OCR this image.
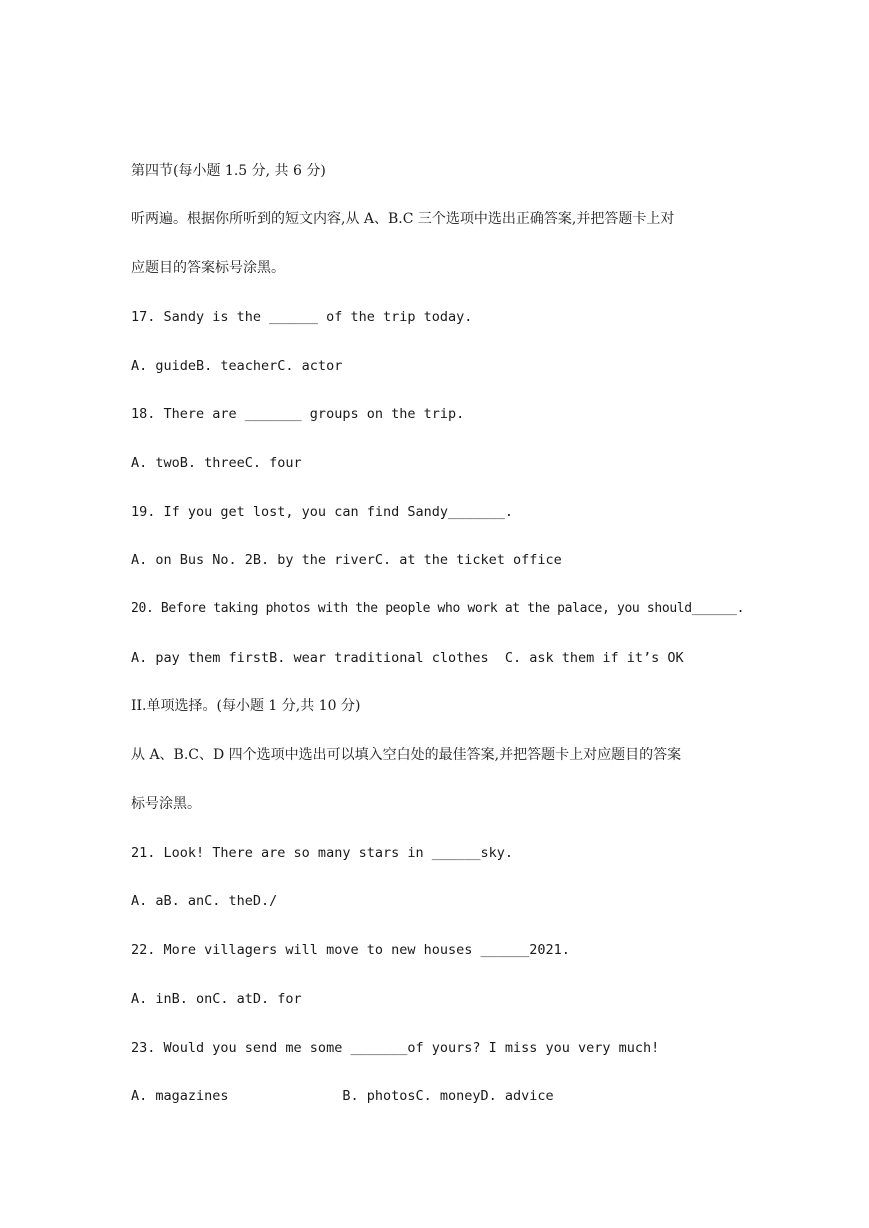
第四节(每小题 1.5 分, 共 6 分)
听两遍。根据你所听到的短文内容,从 A、B.C 三个选项中选出正确答案,并把答题卡上对
应题目的答案标号涂黑。
17. Sandy is the ______ of the trip today.
A. guideB. teacherC. actor
18. There are _______ groups on the trip.
A. twoB. threeC. four
19. If you get lost, you can find Sandy_______.
A. on Bus No. 2B. by the riverC. at the ticket office
20. Before taking photos with the people who work at the palace, you should______.
A. pay them firstB. wear traditional clothes  C. ask them if it’s OK
II.单项选择。(每小题 1 分,共 10 分)
从 A、B.C、D 四个选项中选出可以填入空白处的最佳答案,并把答题卡上对应题目的答案
标号涂黑。
21. Look! There are so many stars in ______sky.
A. aB. anC. theD./
22. More villagers will move to new houses ______2021.
A. inB. onC. atD. for
23. Would you send me some _______of yours? I miss you very much!
A. magazines              B. photosC. moneyD. advice
